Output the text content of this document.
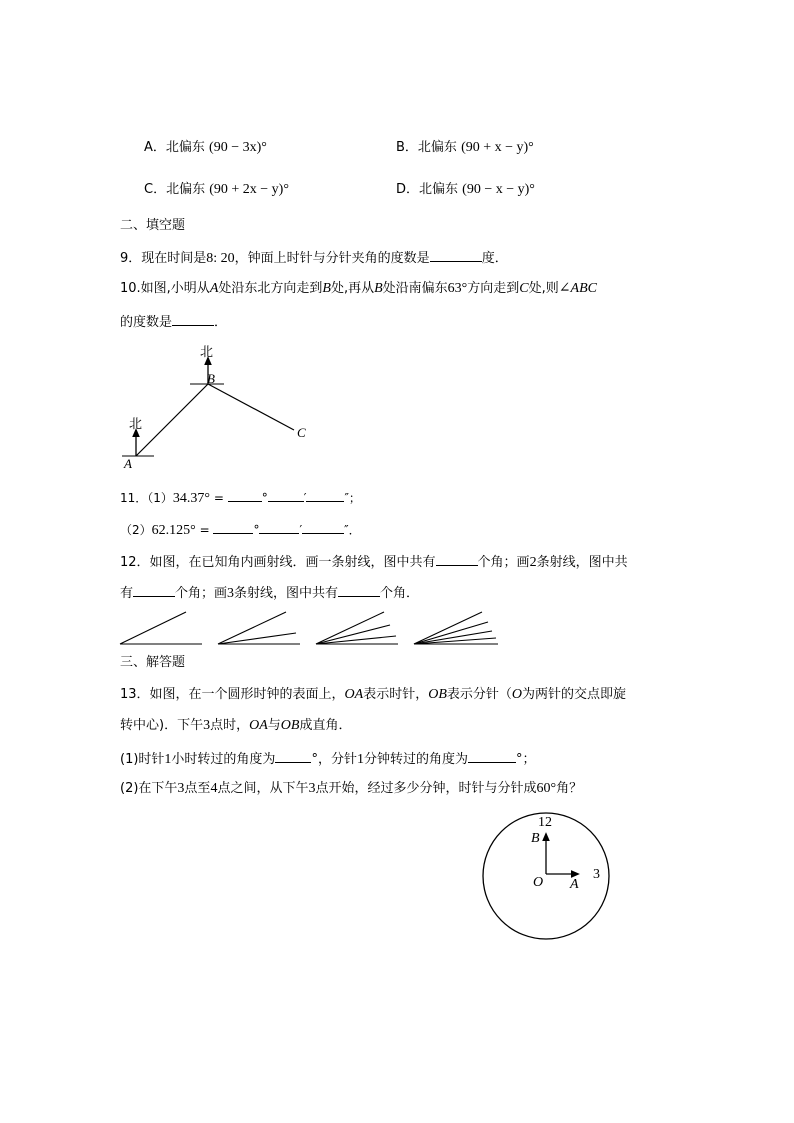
A．北偏东 (90 − 3x)°	B．北偏东 (90 + x − y)°
C．北偏东 (90 + 2x − y)°	D．北偏东 (90 − x − y)°
二、填空题
9．现在时间是8: 20，钟面上时针与分针夹角的度数是	度．
10.如图,小明从A处沿东北方向走到B处,再从B处沿南偏东63°方向走到C处,则∠ABC
的度数是	．
北
北
B
A
C
11．（1）34.37° =	°	′	″；
（2）62.125° =	°	′	″．
12．如图，在已知角内画射线．画一条射线，图中共有	个角；画2条射线，图中共
有	个角；画3条射线，图中共有	个角．
三、解答题
13．如图，在一个圆形时钟的表面上，OA表示时针，OB表示分针（O为两针的交点即旋
转中心)．下午3点时，OA与OB成直角．
(1)时针1小时转过的角度为	°，分针1分钟转过的角度为	°；
(2)在下午3点至4点之间，从下午3点开始，经过多少分钟，时针与分针成60°角？
12
3
B
O A
